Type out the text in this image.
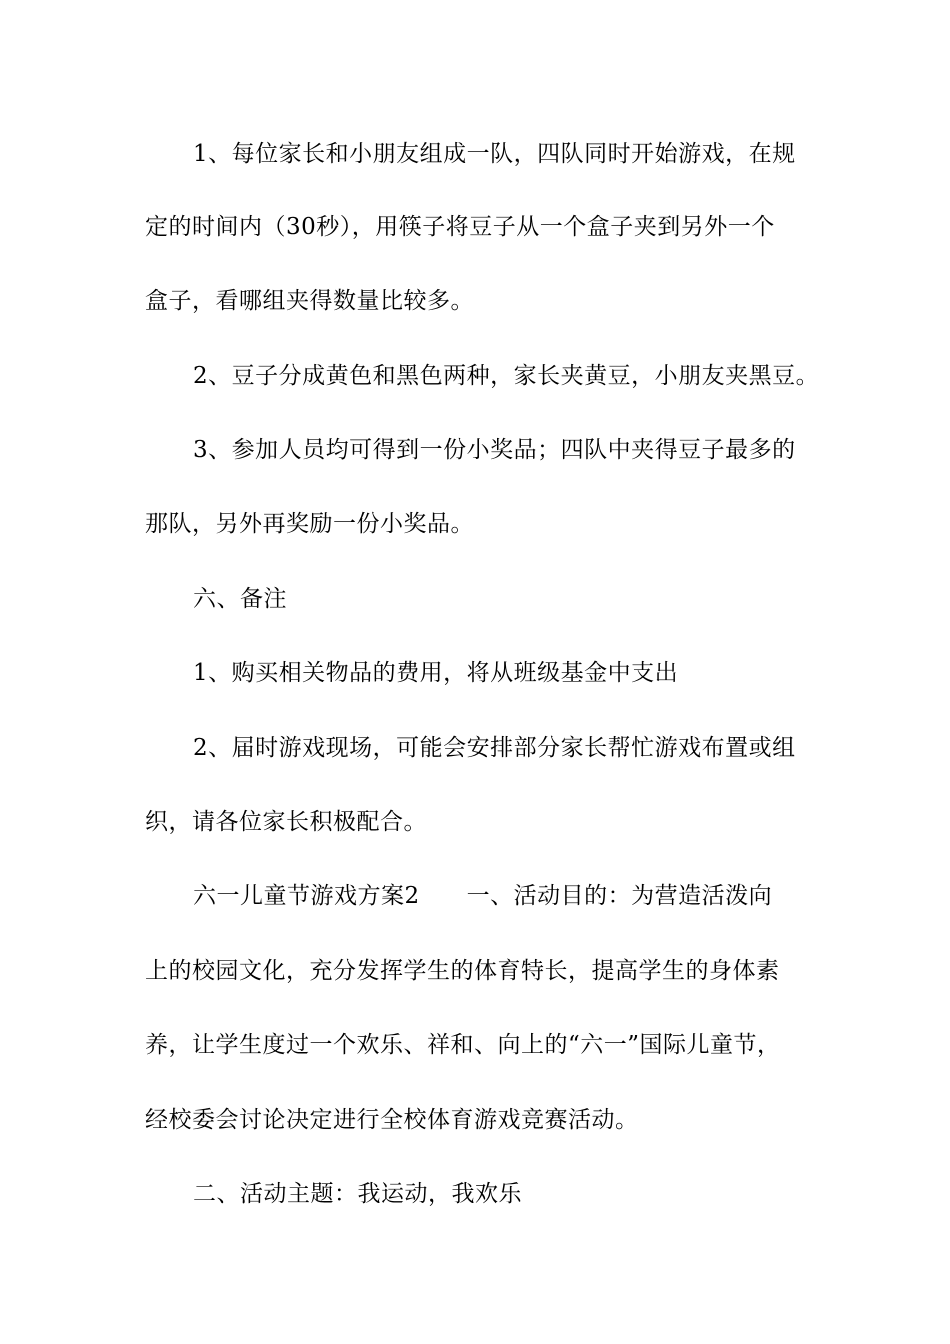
1、每位家长和小朋友组成一队，四队同时开始游戏，在规
定的时间内（30秒），用筷子将豆子从一个盒子夹到另外一个
盒子，看哪组夹得数量比较多。
2、豆子分成黄色和黑色两种，家长夹黄豆，小朋友夹黑豆。
3、参加人员均可得到一份小奖品；四队中夹得豆子最多的
那队，另外再奖励一份小奖品。
六、备注
1、购买相关物品的费用，将从班级基金中支出
2、届时游戏现场，可能会安排部分家长帮忙游戏布置或组
织，请各位家长积极配合。
六一儿童节游戏方案2　　一、活动目的：为营造活泼向
上的校园文化，充分发挥学生的体育特长，提高学生的身体素
养，让学生度过一个欢乐、祥和、向上的“六一”国际儿童节，
经校委会讨论决定进行全校体育游戏竞赛活动。
二、活动主题：我运动，我欢乐
